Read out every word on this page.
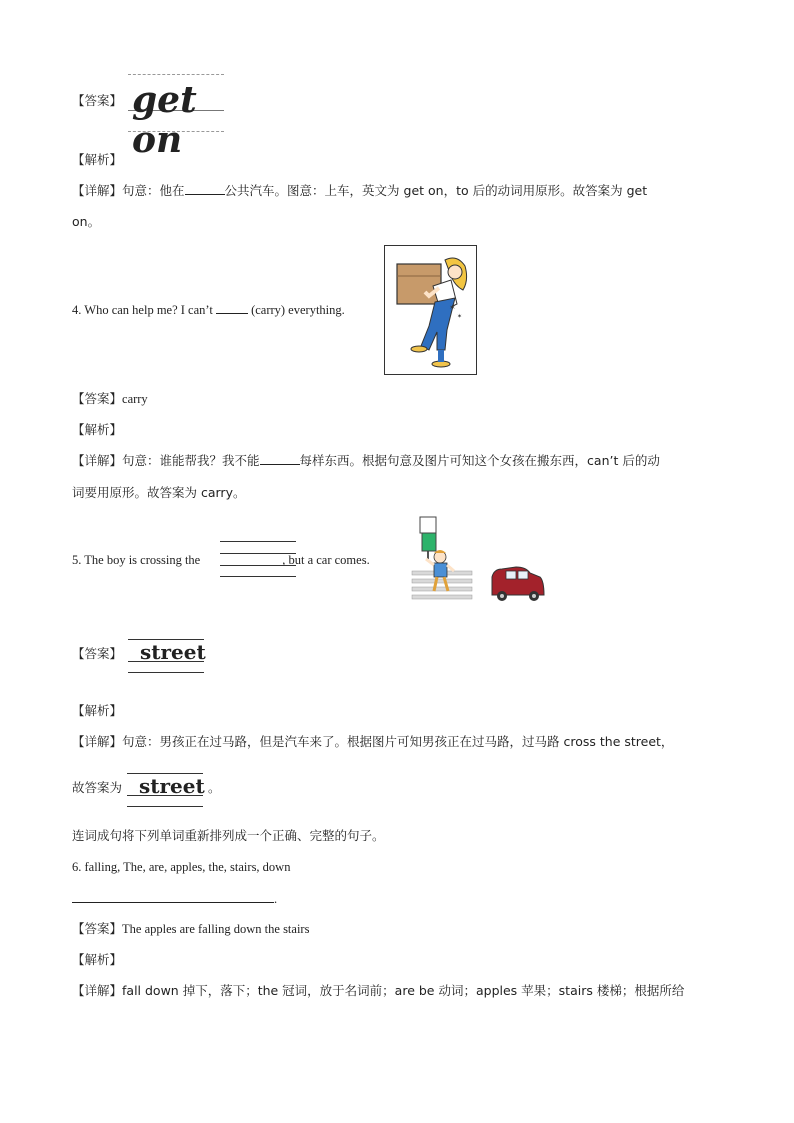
【答案】 get on
【解析】
【详解】句意：他在	公共汽车。图意：上车，英文为 get on，to 后的动词用原形。故答案为 get
on。
4. Who can help me? I can’t	(carry) everything.	✶
✶
【答案】carry
【解析】
【详解】句意：谁能帮我？我不能	每样东西。根据句意及图片可知这个女孩在搬东西，can’t 后的动
词要用原形。故答案为 carry。
5. The boy is crossing the	, but a car comes.
【答案】 street
【解析】
【详解】句意：男孩正在过马路，但是汽车来了。根据图片可知男孩正在过马路，过马路 cross the street，
故答案为	。
street
连词成句将下列单词重新排列成一个正确、完整的句子。
6. falling, The, are, apples, the, stairs, down
.
【答案】The apples are falling down the stairs
【解析】
【详解】fall down 掉下，落下；the 冠词，放于名词前；are be 动词；apples 苹果；stairs 楼梯；根据所给
